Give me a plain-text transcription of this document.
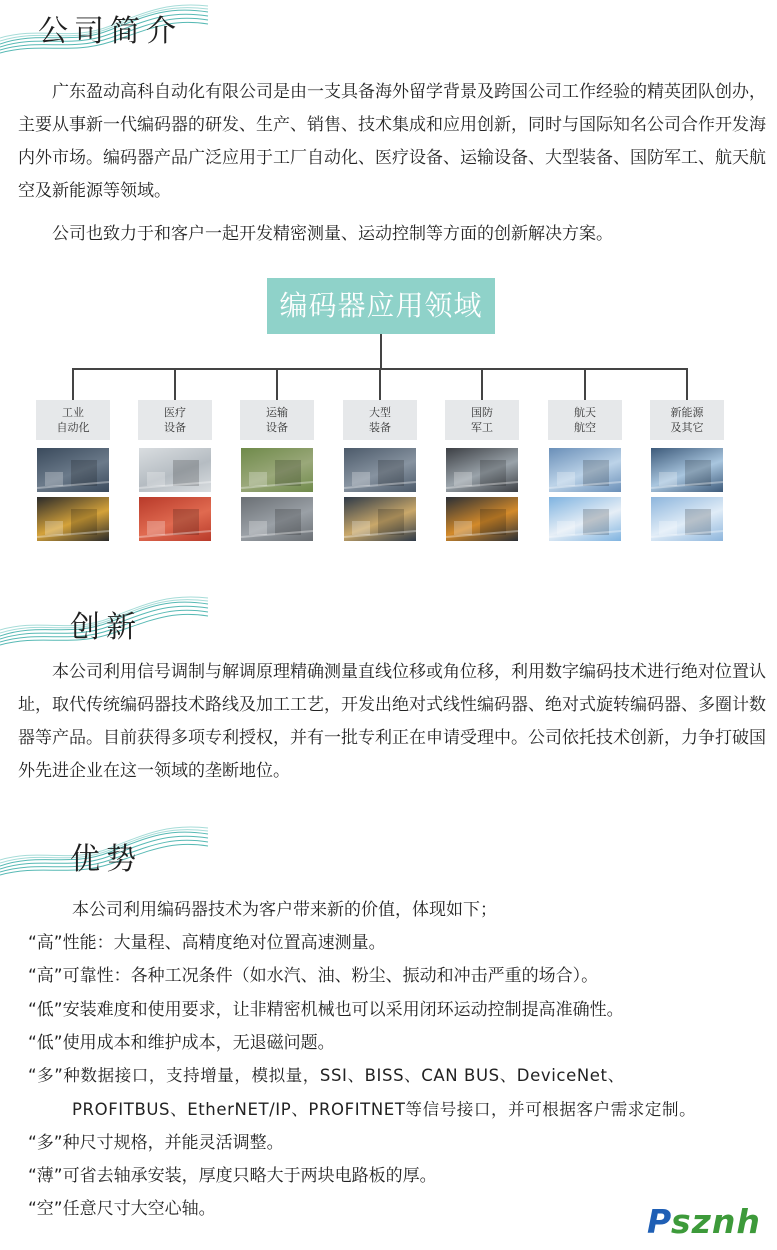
公司简介

广东盈动高科自动化有限公司是由一支具备海外留学背景及跨国公司工作经验的精英团队创办，主要从事新一代编码器的研发、生产、销售、技术集成和应用创新，同时与国际知名公司合作开发海内外市场。编码器产品广泛应用于工厂自动化、医疗设备、运输设备、大型装备、国防军工、航天航空及新能源等领域。

公司也致力于和客户一起开发精密测量、运动控制等方面的创新解决方案。

编码器应用领域
工业
自动化
医疗
设备
运输
设备
大型
装备
国防
军工
航天
航空
新能源
及其它
创新

本公司利用信号调制与解调原理精确测量直线位移或角位移，利用数字编码技术进行绝对位置认址，取代传统编码器技术路线及加工工艺，开发出绝对式线性编码器、绝对式旋转编码器、多圈计数器等产品。目前获得多项专利授权，并有一批专利正在申请受理中。公司依托技术创新，力争打破国外先进企业在这一领域的垄断地位。

优势
本公司利用编码器技术为客户带来新的价值，体现如下；
“高”性能：大量程、高精度绝对位置高速测量。
“高”可靠性：各种工况条件（如水汽、油、粉尘、振动和冲击严重的场合）。
“低”安装难度和使用要求，让非精密机械也可以采用闭环运动控制提高准确性。
“低”使用成本和维护成本，无退磁问题。
“多”种数据接口，支持增量，模拟量，SSI、BISS、CAN BUS、DeviceNet、
PROFITBUS、EtherNET/IP、PROFITNET等信号接口，并可根据客户需求定制。
“多”种尺寸规格，并能灵活调整。
“薄”可省去轴承安装，厚度只略大于两块电路板的厚。
“空”任意尺寸大空心轴。	Psznh
